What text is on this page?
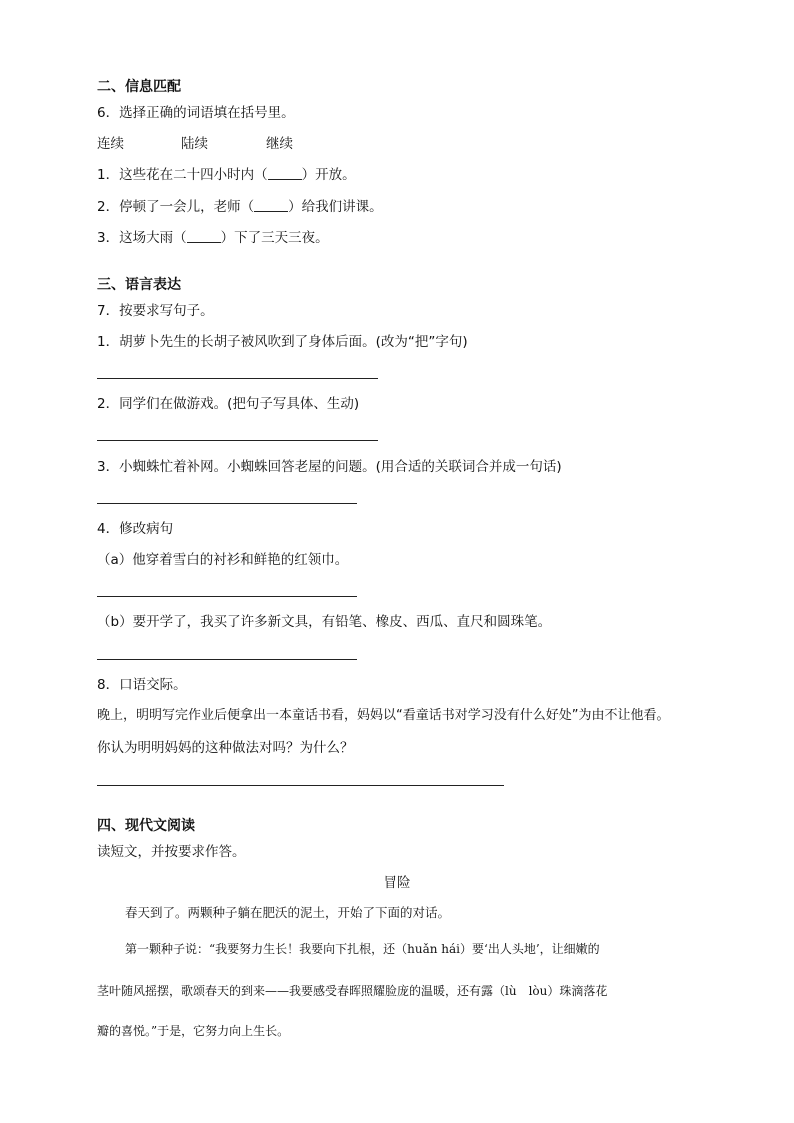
二、信息匹配
6．选择正确的词语填在括号里。
连续	陆续	继续
1．这些花在二十四小时内（	）开放。
2．停顿了一会儿，老师（	）给我们讲课。
3．这场大雨（	）下了三天三夜。
三、语言表达
7．按要求写句子。
1．胡萝卜先生的长胡子被风吹到了身体后面。(改为“把”字句)
2．同学们在做游戏。(把句子写具体、生动)
3．小蜘蛛忙着补网。小蜘蛛回答老屋的问题。(用合适的关联词合并成一句话)
4．修改病句
（a）他穿着雪白的衬衫和鲜艳的红领巾。
（b）要开学了，我买了许多新文具，有铅笔、橡皮、西瓜、直尺和圆珠笔。
8．口语交际。
晚上，明明写完作业后便拿出一本童话书看，妈妈以“看童话书对学习没有什么好处”为由不让他看。
你认为明明妈妈的这种做法对吗？为什么？
四、现代文阅读
读短文，并按要求作答。
冒险
春天到了。两颗种子躺在肥沃的泥土，开始了下面的对话。
第一颗种子说：“我要努力生长！我要向下扎根，还（huǎn hái）要‘出人头地’，让细嫩的
茎叶随风摇摆，歌颂春天的到来——我要感受春晖照耀脸庞的温暖，还有露（lù　lòu）珠滴落花
瓣的喜悦。”于是，它努力向上生长。
